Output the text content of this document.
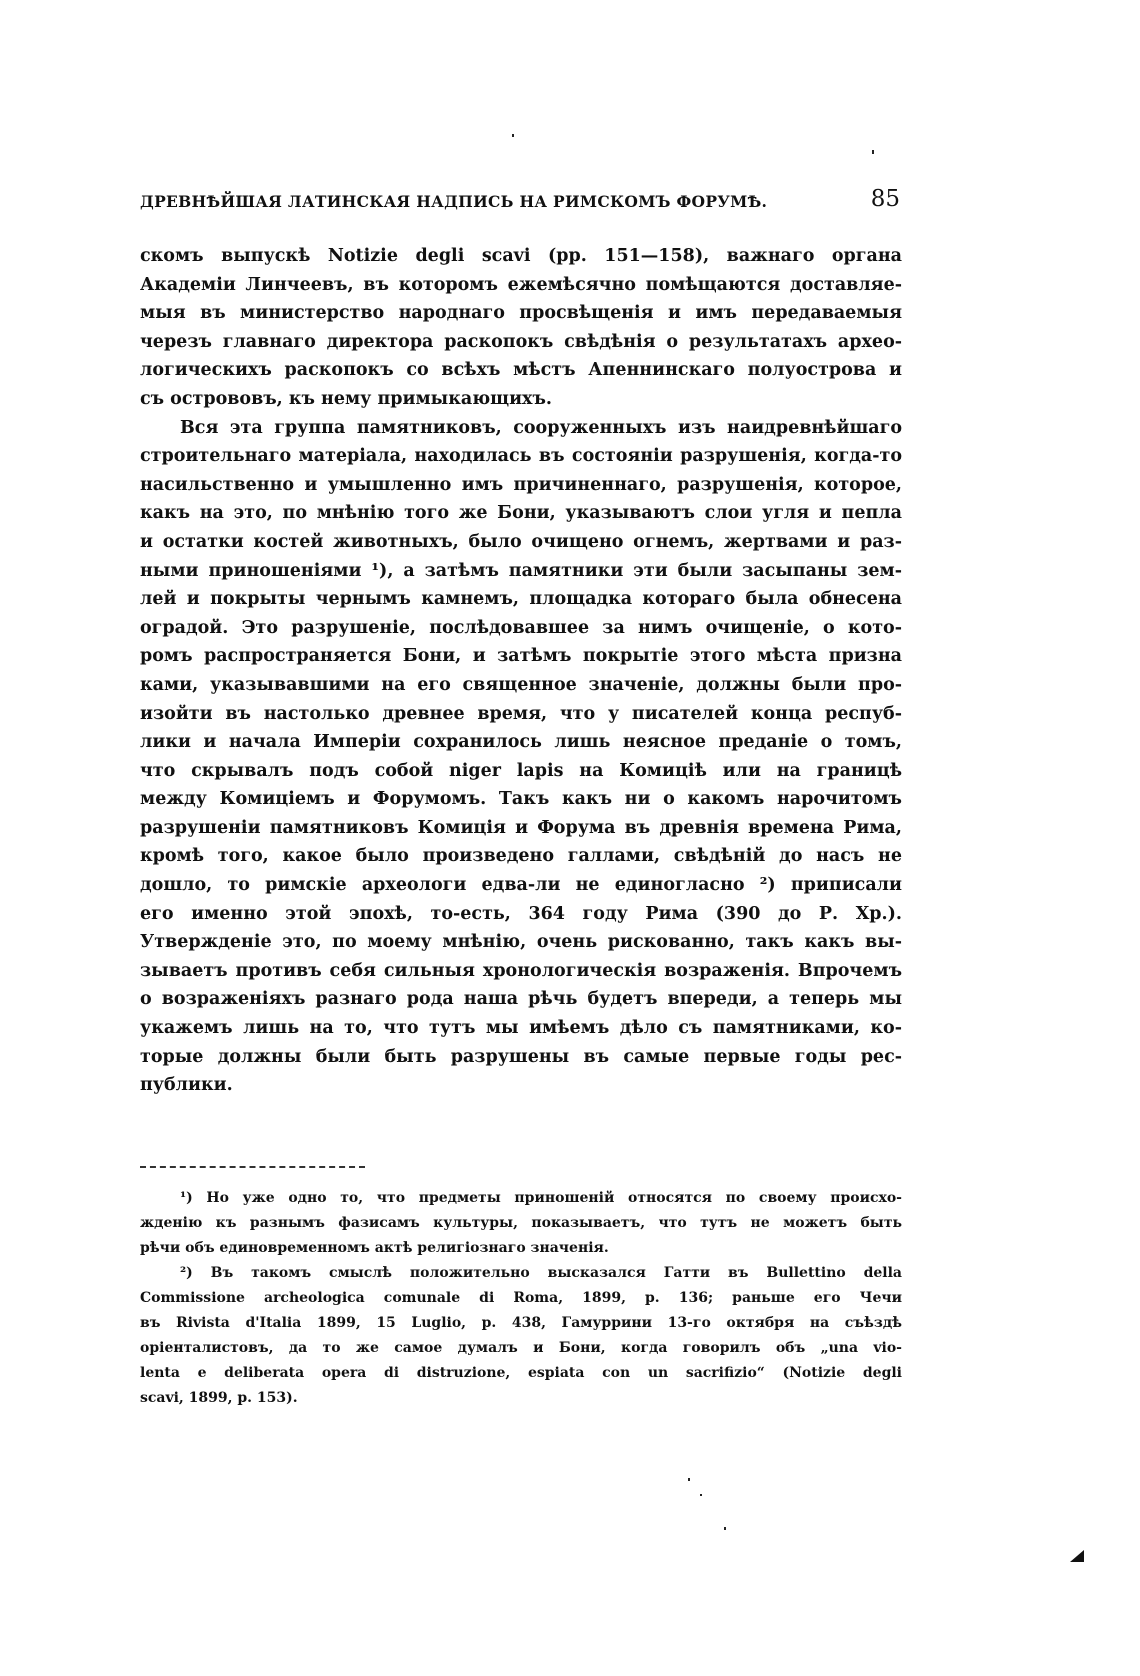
ДРЕВНѢЙШАЯ ЛАТИНСКАЯ НАДПИСЬ НА РИМСКОМЪ ФОРУМѢ.	85
скомъ выпускѣ Notizie degli scavi (pp. 151—158), важнаго органа
Академіи Линчеевъ, въ которомъ ежемѣсячно помѣщаются доставляе-
мыя въ министерство народнаго просвѣщенія и имъ передаваемыя
черезъ главнаго директора раскопокъ свѣдѣнія о результатахъ архео-
логическихъ раскопокъ со всѣхъ мѣстъ Апеннинскаго полуострова и
съ острововъ, къ нему примыкающихъ.
Вся эта группа памятниковъ, сооруженныхъ изъ наидревнѣйшаго
строительнаго матеріала, находилась въ состояніи разрушенія, когда-то
насильственно и умышленно имъ причиненнаго, разрушенія, которое,
какъ на это, по мнѣнію того же Бони, указываютъ слои угля и пепла
и остатки костей животныхъ, было очищено огнемъ, жертвами и раз-
ными приношеніями ¹), а затѣмъ памятники эти были засыпаны зем-
лей и покрыты чернымъ камнемъ, площадка котораго была обнесена
оградой. Это разрушеніе, послѣдовавшее за нимъ очищеніе, о кото-
ромъ распространяется Бони, и затѣмъ покрытіе этого мѣста призна
ками, указывавшими на его священное значеніе, должны были про-
изойти въ настолько древнее время, что у писателей конца респуб-
лики и начала Имперіи сохранилось лишь неясное преданіе о томъ,
что скрывалъ подъ собой niger lapis на Комиціѣ или на границѣ
между Комиціемъ и Форумомъ. Такъ какъ ни о какомъ нарочитомъ
разрушеніи памятниковъ Комиція и Форума въ древнія времена Рима,
кромѣ того, какое было произведено галлами, свѣдѣній до насъ не
дошло, то римскіе археологи едва-ли не единогласно ²) приписали
его именно этой эпохѣ, то-есть, 364 году Рима (390 до Р. Хр.).
Утвержденіе это, по моему мнѣнію, очень рискованно, такъ какъ вы-
зываетъ противъ себя сильныя хронологическія возраженія. Впрочемъ
о возраженіяхъ разнаго рода наша рѣчь будетъ впереди, а теперь мы
укажемъ лишь на то, что тутъ мы имѣемъ дѣло съ памятниками, ко-
торые должны были быть разрушены въ самые первые годы рес-
публики.
¹) Но уже одно то, что предметы приношеній относятся по своему происхо-
жденію къ разнымъ фазисамъ культуры, показываетъ, что тутъ не можетъ быть
рѣчи объ единовременномъ актѣ религіознаго значенія.
²) Въ такомъ смыслѣ положительно высказался Гатти въ Bullettino della
Commissione archeologica comunale di Roma, 1899, p. 136; раньше его Чечи
въ Rivista d'Italia 1899, 15 Luglio, p. 438, Гамуррини 13-го октября на съѣздѣ
оріенталистовъ, да то же самое думалъ и Бони, когда говорилъ объ „una vio-
lenta e deliberata opera di distruzione, espiata con un sacrifizio“ (Notizie degli
scavi, 1899, p. 153).
